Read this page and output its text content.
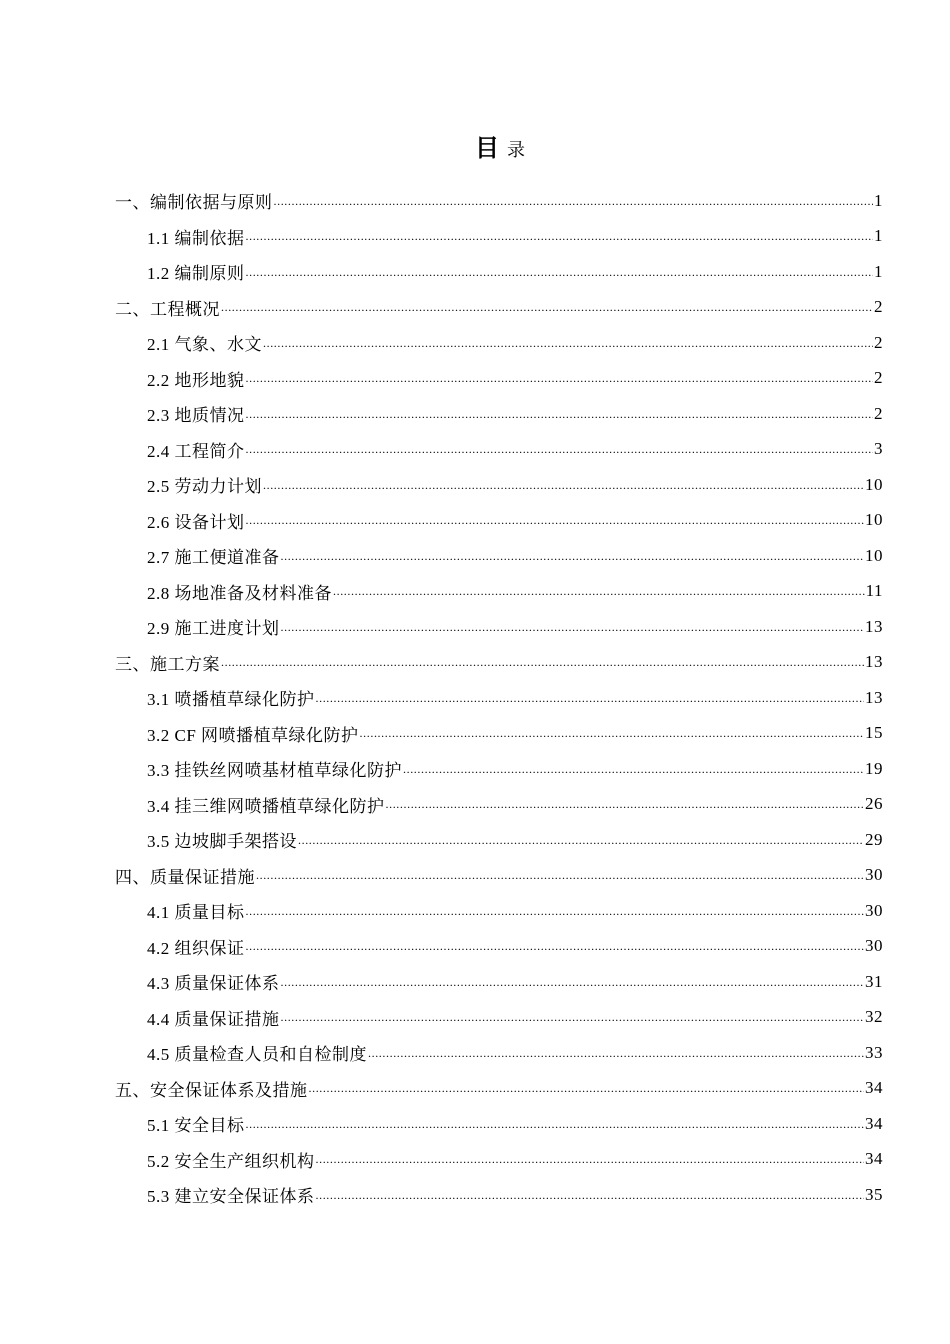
目 录
一、编制依据与原则 .....	1
1.1 编制依据 .....	1
1.2 编制原则 .....	1
二、工程概况 .....	2
2.1 气象、水文 .....	2
2.2 地形地貌 .....	2
2.3 地质情况 .....	2
2.4 工程简介 .....	3
2.5 劳动力计划 .....	10
2.6 设备计划 .....	10
2.7 施工便道准备 .....	10
2.8 场地准备及材料准备 .....	11
2.9 施工进度计划 .....	13
三、施工方案 .....	13
3.1 喷播植草绿化防护 .....	13
3.2 CF 网喷播植草绿化防护 .....	15
3.3 挂铁丝网喷基材植草绿化防护 .....	19
3.4 挂三维网喷播植草绿化防护 .....	26
3.5 边坡脚手架搭设 .....	29
四、质量保证措施 .....	30
4.1 质量目标 .....	30
4.2 组织保证 .....	30
4.3 质量保证体系 .....	31
4.4 质量保证措施 .....	32
4.5 质量检查人员和自检制度 .....	33
五、安全保证体系及措施 .....	34
5.1 安全目标 .....	34
5.2 安全生产组织机构 .....	34
5.3 建立安全保证体系 .....	35
